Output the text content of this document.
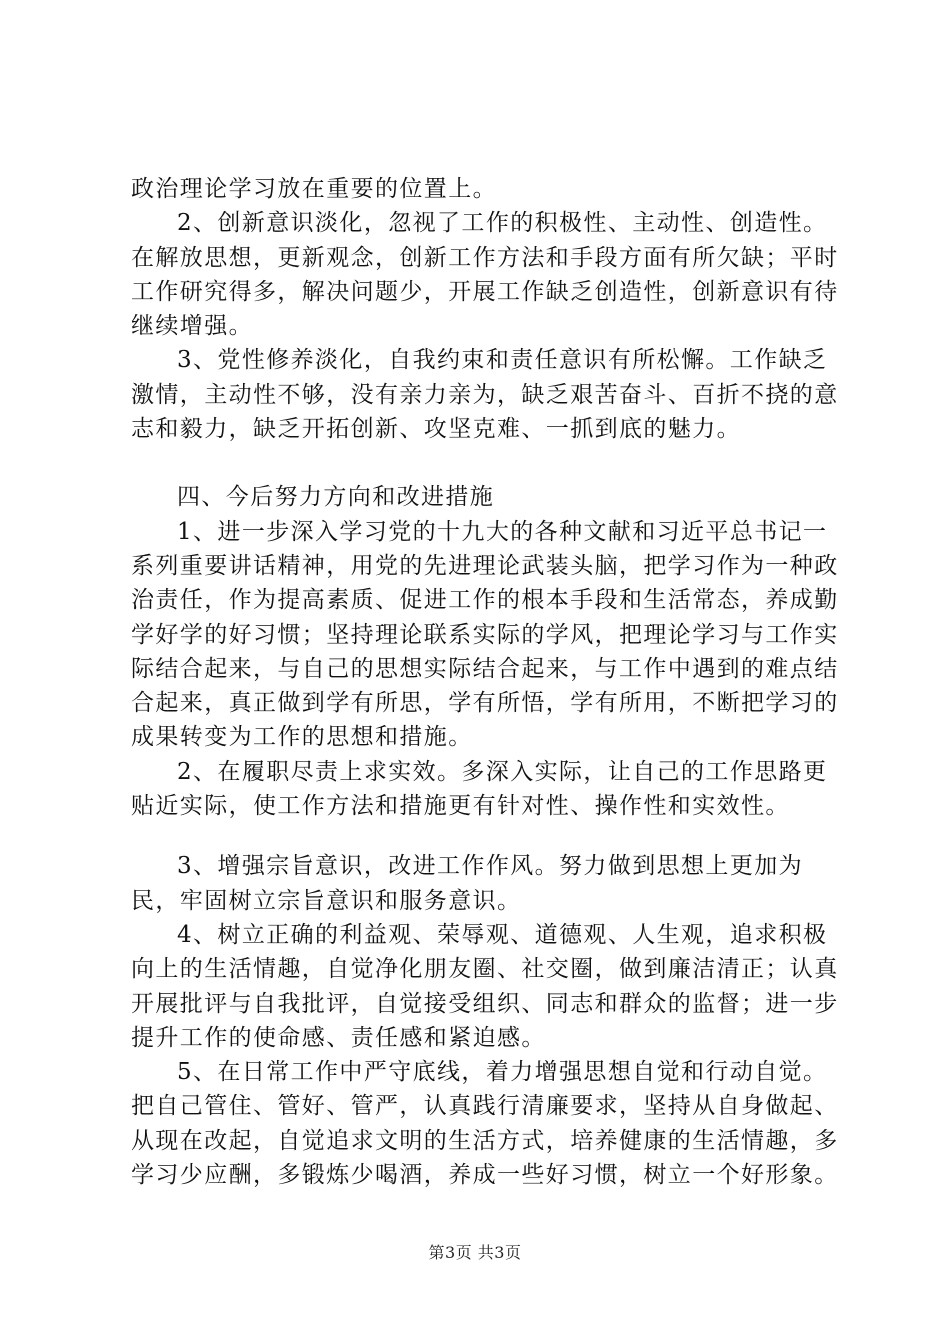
政治理论学习放在重要的位置上。

2、创新意识淡化，忽视了工作的积极性、主动性、创造性。在解放思想，更新观念，创新工作方法和手段方面有所欠缺；平时工作研究得多，解决问题少，开展工作缺乏创造性，创新意识有待继续增强。

3、党性修养淡化，自我约束和责任意识有所松懈。工作缺乏激情，主动性不够，没有亲力亲为，缺乏艰苦奋斗、百折不挠的意志和毅力，缺乏开拓创新、攻坚克难、一抓到底的魅力。

四、今后努力方向和改进措施

1、进一步深入学习党的十九大的各种文献和习近平总书记一系列重要讲话精神，用党的先进理论武装头脑，把学习作为一种政治责任，作为提高素质、促进工作的根本手段和生活常态，养成勤学好学的好习惯；坚持理论联系实际的学风，把理论学习与工作实际结合起来，与自己的思想实际结合起来，与工作中遇到的难点结合起来，真正做到学有所思，学有所悟，学有所用，不断把学习的成果转变为工作的思想和措施。

2、在履职尽责上求实效。多深入实际，让自己的工作思路更贴近实际，使工作方法和措施更有针对性、操作性和实效性。

3、增强宗旨意识，改进工作作风。努力做到思想上更加为民，牢固树立宗旨意识和服务意识。

4、树立正确的利益观、荣辱观、道德观、人生观，追求积极向上的生活情趣，自觉净化朋友圈、社交圈，做到廉洁清正；认真开展批评与自我批评，自觉接受组织、同志和群众的监督；进一步提升工作的使命感、责任感和紧迫感。

5、在日常工作中严守底线，着力增强思想自觉和行动自觉。把自己管住、管好、管严，认真践行清廉要求，坚持从自身做起、从现在改起，自觉追求文明的生活方式，培养健康的生活情趣，多学习少应酬，多锻炼少喝酒，养成一些好习惯，树立一个好形象。

第3页 共3页
